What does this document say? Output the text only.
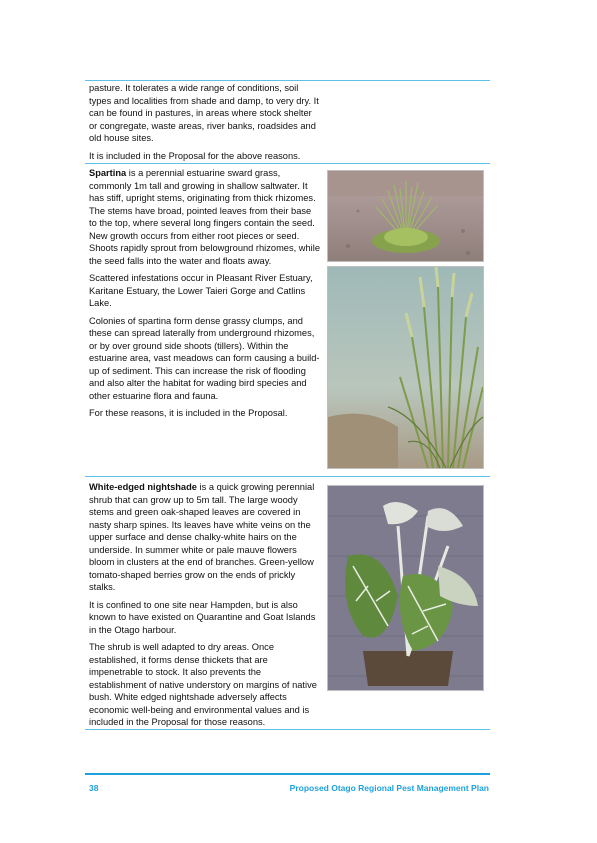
pasture. It tolerates a wide range of conditions, soil types and localities from shade and damp, to very dry. It can be found in pastures, in areas where stock shelter or congregate, waste areas, river banks, roadsides and old house sites.

It is included in the Proposal for the above reasons.

Spartina is a perennial estuarine sward grass, commonly 1m tall and growing in shallow saltwater. It has stiff, upright stems, originating from thick rhizomes. The stems have broad, pointed leaves from their base to the top, where several long fingers contain the seed. New growth occurs from either root pieces or seed. Shoots rapidly sprout from belowground rhizomes, while the seed falls into the water and floats away.

Scattered infestations occur in Pleasant River Estuary, Karitane Estuary, the Lower Taieri Gorge and Catlins Lake.

Colonies of spartina form dense grassy clumps, and these can spread laterally from underground rhizomes, or by over ground side shoots (tillers). Within the estuarine area, vast meadows can form causing a build-up of sediment. This can increase the risk of flooding and also alter the habitat for wading bird species and other estuarine flora and fauna.

For these reasons, it is included in the Proposal.

White-edged nightshade is a quick growing perennial shrub that can grow up to 5m tall. The large woody stems and green oak-shaped leaves are covered in nasty sharp spines. Its leaves have white veins on the upper surface and dense chalky-white hairs on the underside. In summer white or pale mauve flowers bloom in clusters at the end of branches. Green-yellow tomato-shaped berries grow on the ends of prickly stalks.

It is confined to one site near Hampden, but is also known to have existed on Quarantine and Goat Islands in the Otago harbour.

The shrub is well adapted to dry areas. Once established, it forms dense thickets that are impenetrable to stock. It also prevents the establishment of native understory on margins of native bush. White edged nightshade adversely affects economic well-being and environmental values and is included in the Proposal for those reasons.

38	Proposed Otago Regional Pest Management Plan
